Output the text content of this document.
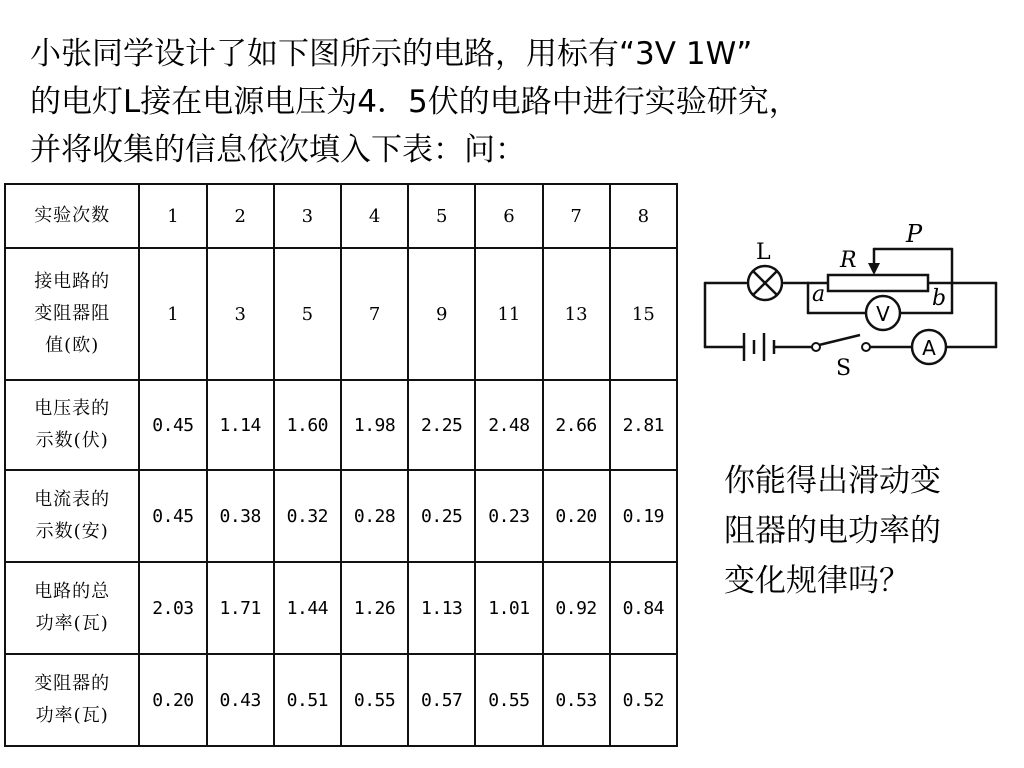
小张同学设计了如下图所示的电路，用标有“3V 1W”

的电灯L接在电源电压为4．5伏的电路中进行实验研究，

并将收集的信息依次填入下表：问：

实验次数	1	2	3	4	5	6	7	8

接电路的
变阻器阻
值(欧)	1	3	5	7	9	11	13	15

电压表的
示数(伏)	0.45	1.14	1.60	1.98	2.25	2.48	2.66	2.81

电流表的
示数(安)	0.45	0.38	0.32	0.28	0.25	0.23	0.20	0.19

电路的总
功率(瓦)	2.03	1.71	1.44	1.26	1.13	1.01	0.92	0.84

变阻器的
功率(瓦)	0.20	0.43	0.51	0.55	0.57	0.55	0.53	0.52
L	R
P
a	b
V
S
A

你能得出滑动变

阻器的电功率的

变化规律吗？
